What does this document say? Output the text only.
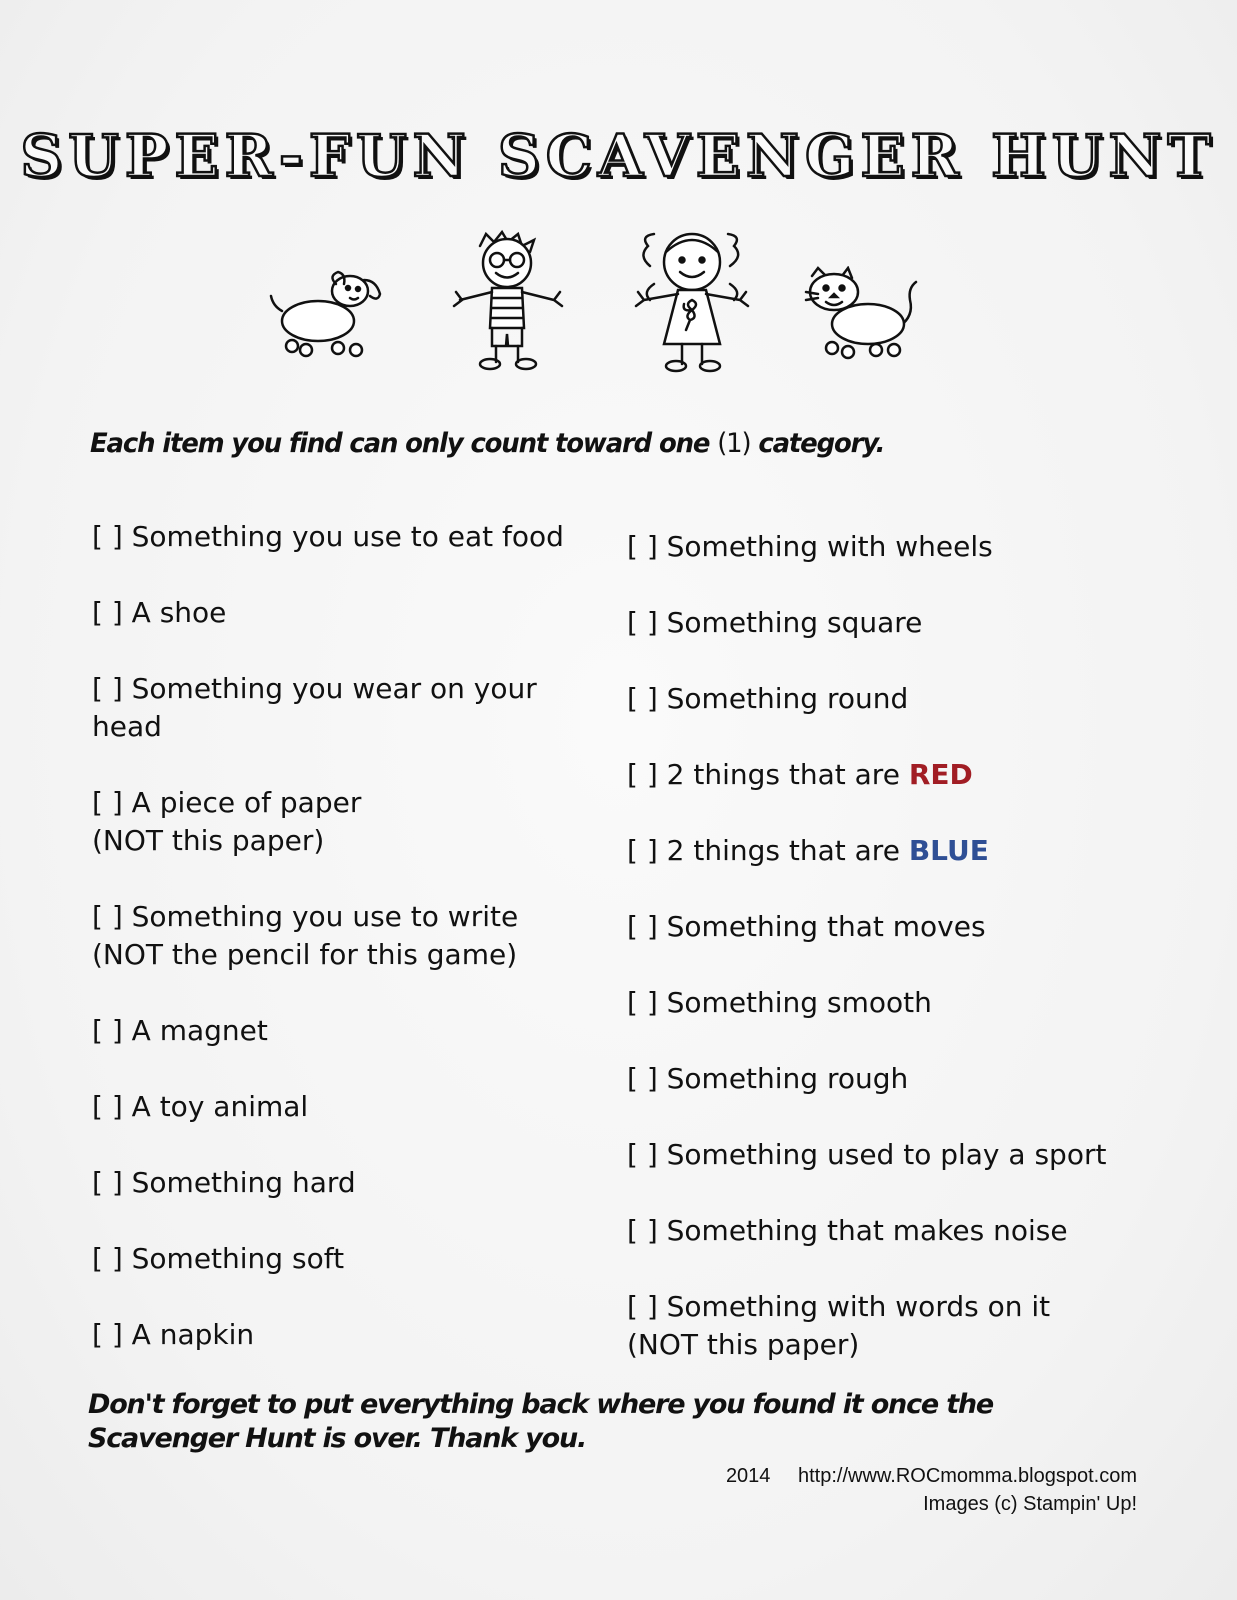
SUPER-FUN SCAVENGER HUNT
Each item you find can only count toward one (1) category.

[ ] Something you use to eat food

[ ] A shoe

[ ] Something you wear on your head

[ ] A piece of paper (NOT this paper)

[ ] Something you use to write (NOT the pencil for this game)

[ ] A magnet

[ ] A toy animal

[ ] Something hard

[ ] Something soft

[ ] A napkin

[ ] Something with wheels

[ ] Something square

[ ] Something round

[ ] 2 things that are RED

[ ] 2 things that are BLUE

[ ] Something that moves

[ ] Something smooth

[ ] Something rough

[ ] Something used to play a sport

[ ] Something that makes noise

[ ] Something with words on it
(NOT this paper)

Don't forget to put everything back where you found it once the Scavenger Hunt is over. Thank you.
2014 http://www.ROCmomma.blogspot.com
Images (c) Stampin' Up!
